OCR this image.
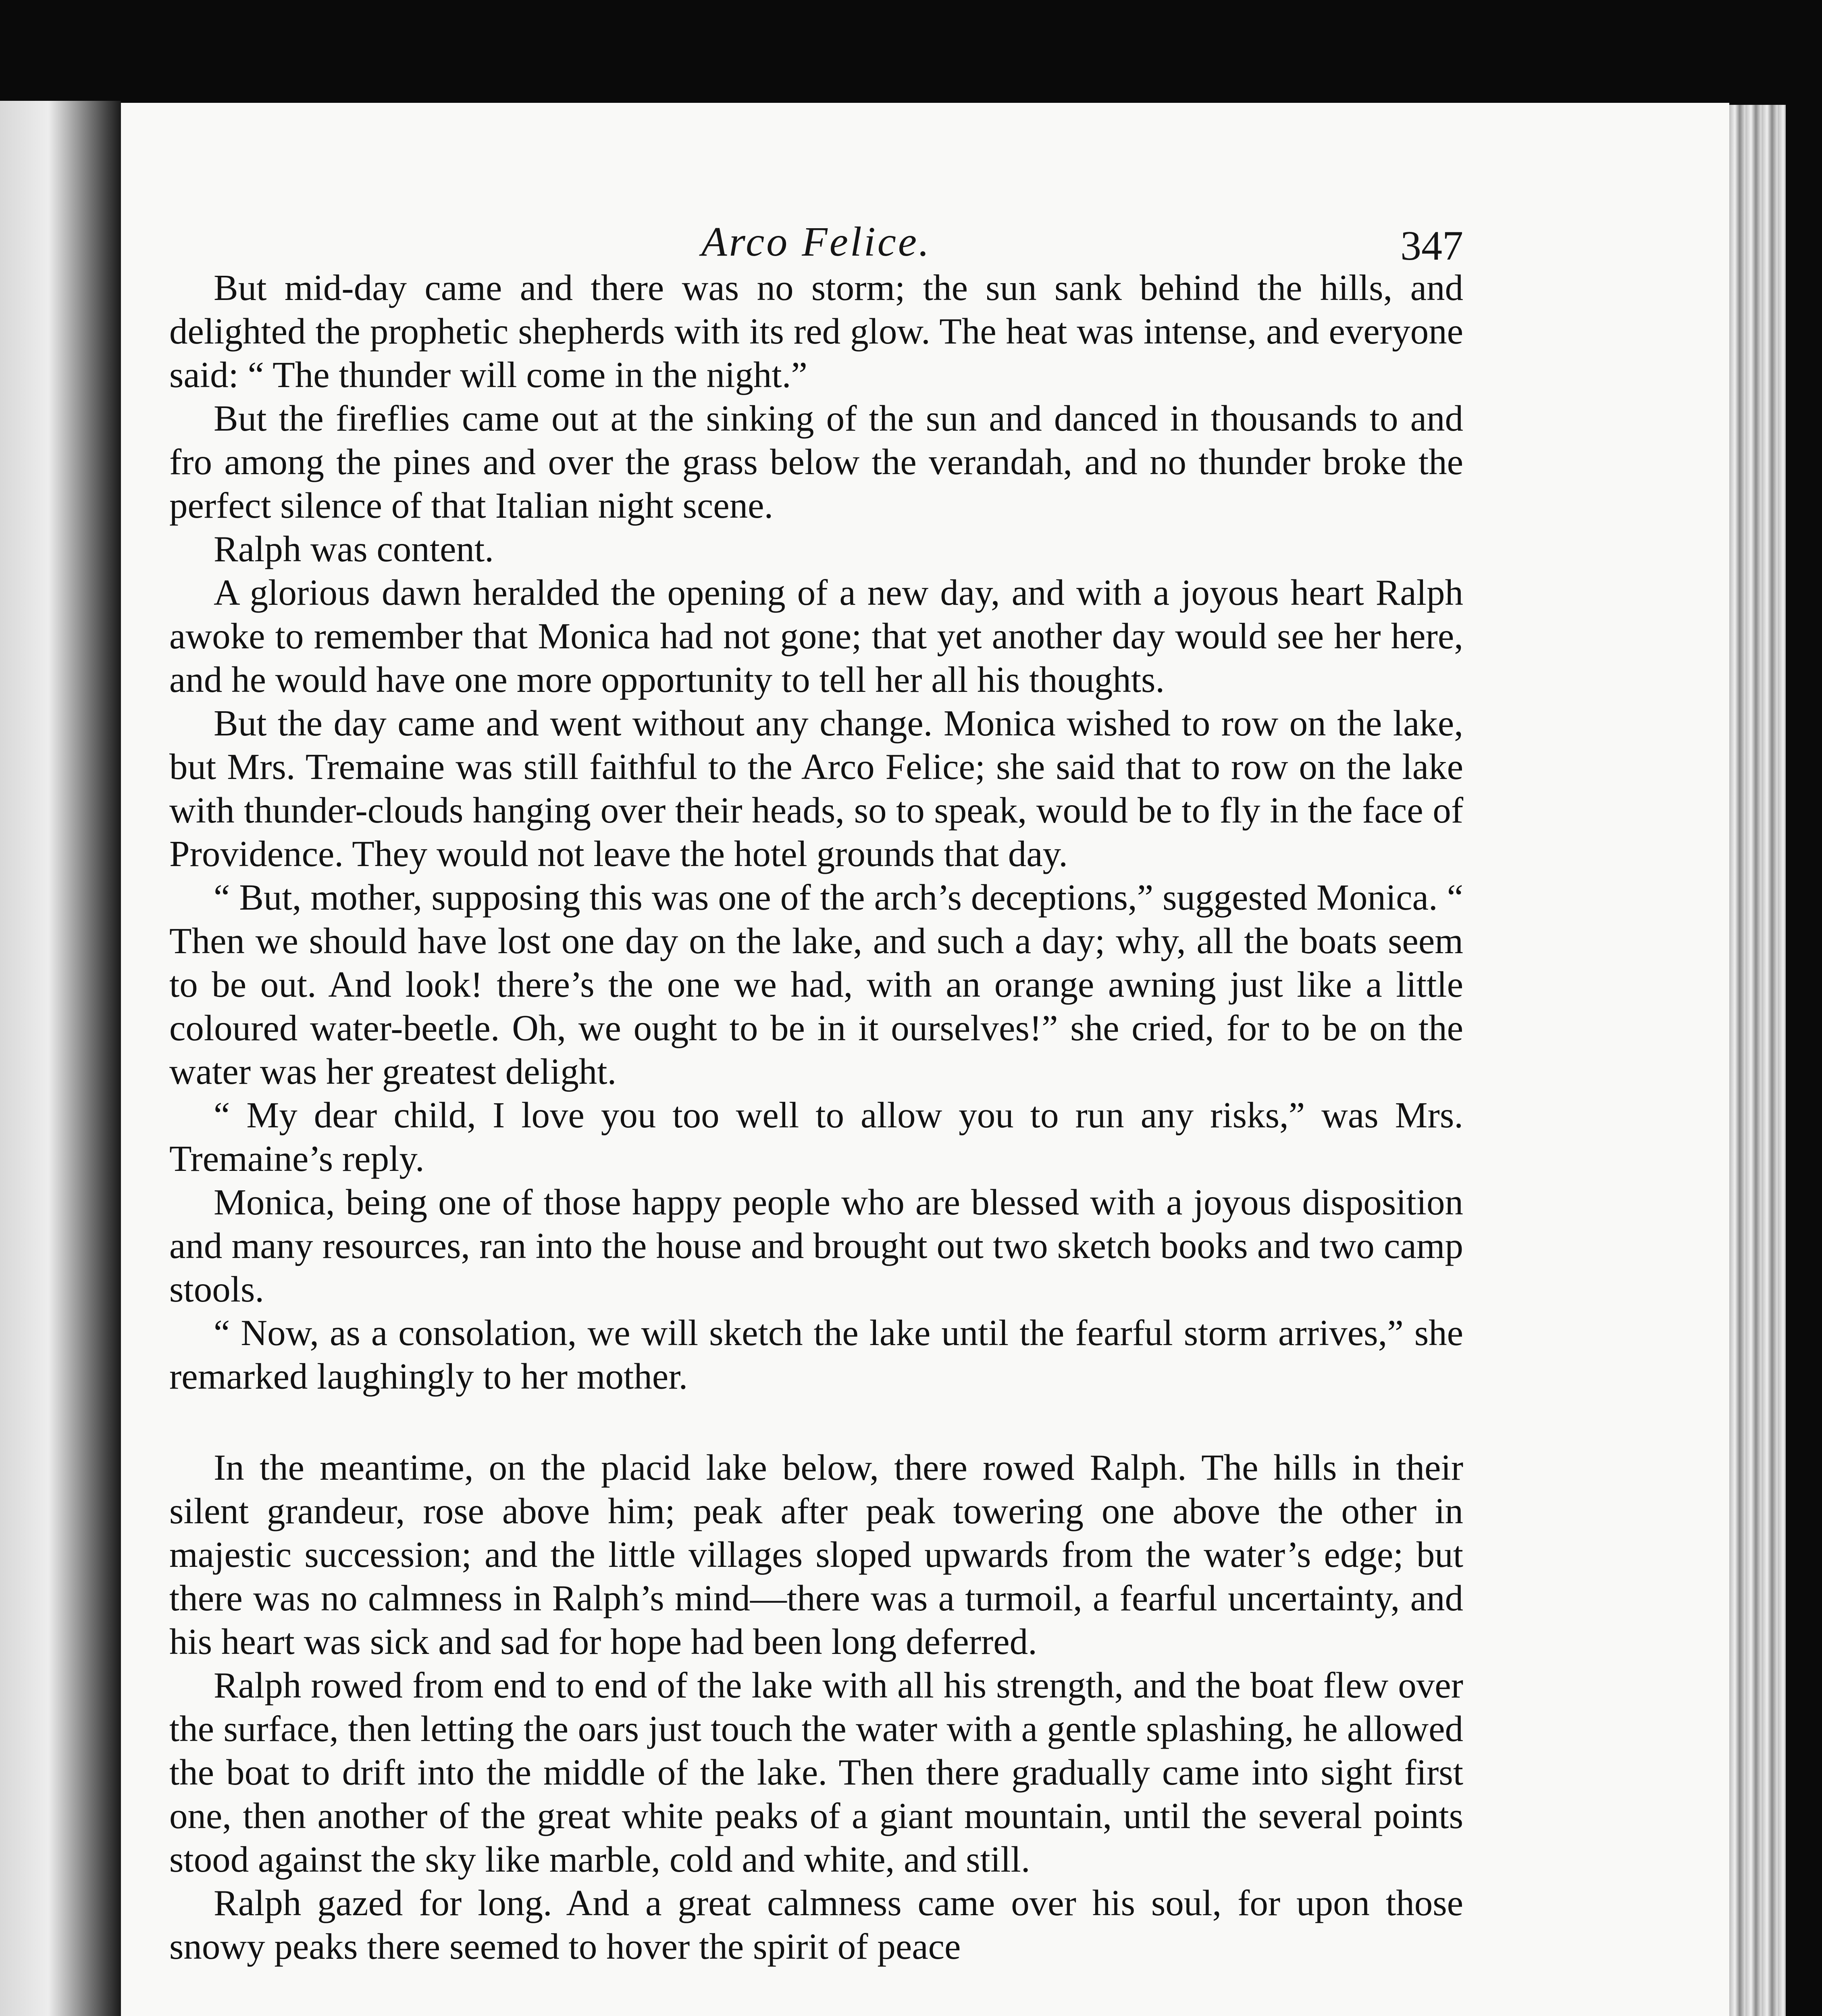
Arco Felice.	347

But mid-day came and there was no storm; the sun sank behind the hills, and delighted the prophetic shepherds with its red glow. The heat was intense, and everyone said: “ The thunder will come in the night.”

But the fireflies came out at the sinking of the sun and danced in thousands to and fro among the pines and over the grass below the verandah, and no thunder broke the perfect silence of that Italian night scene.

Ralph was content.

A glorious dawn heralded the opening of a new day, and with a joyous heart Ralph awoke to remember that Monica had not gone; that yet another day would see her here, and he would have one more opportunity to tell her all his thoughts.

But the day came and went without any change. Monica wished to row on the lake, but Mrs. Tremaine was still faithful to the Arco Felice; she said that to row on the lake with thunder-clouds hanging over their heads, so to speak, would be to fly in the face of Providence. They would not leave the hotel grounds that day.

“ But, mother, supposing this was one of the arch’s deceptions,” suggested Monica. “ Then we should have lost one day on the lake, and such a day; why, all the boats seem to be out. And look! there’s the one we had, with an orange awning just like a little coloured water-beetle. Oh, we ought to be in it ourselves!” she cried, for to be on the water was her greatest delight.

“ My dear child, I love you too well to allow you to run any risks,” was Mrs. Tremaine’s reply.

Monica, being one of those happy people who are blessed with a joyous disposition and many resources, ran into the house and brought out two sketch books and two camp stools.

“ Now, as a consolation, we will sketch the lake until the fearful storm arrives,” she remarked laughingly to her mother.

In the meantime, on the placid lake below, there rowed Ralph. The hills in their silent grandeur, rose above him; peak after peak towering one above the other in majestic succession; and the little villages sloped upwards from the water’s edge; but there was no calmness in Ralph’s mind—there was a turmoil, a fearful uncertainty, and his heart was sick and sad for hope had been long deferred.

Ralph rowed from end to end of the lake with all his strength, and the boat flew over the surface, then letting the oars just touch the water with a gentle splashing, he allowed the boat to drift into the middle of the lake. Then there gradually came into sight first one, then another of the great white peaks of a giant mountain, until the several points stood against the sky like marble, cold and white, and still.

Ralph gazed for long. And a great calmness came over his soul, for upon those snowy peaks there seemed to hover the spirit of peace
